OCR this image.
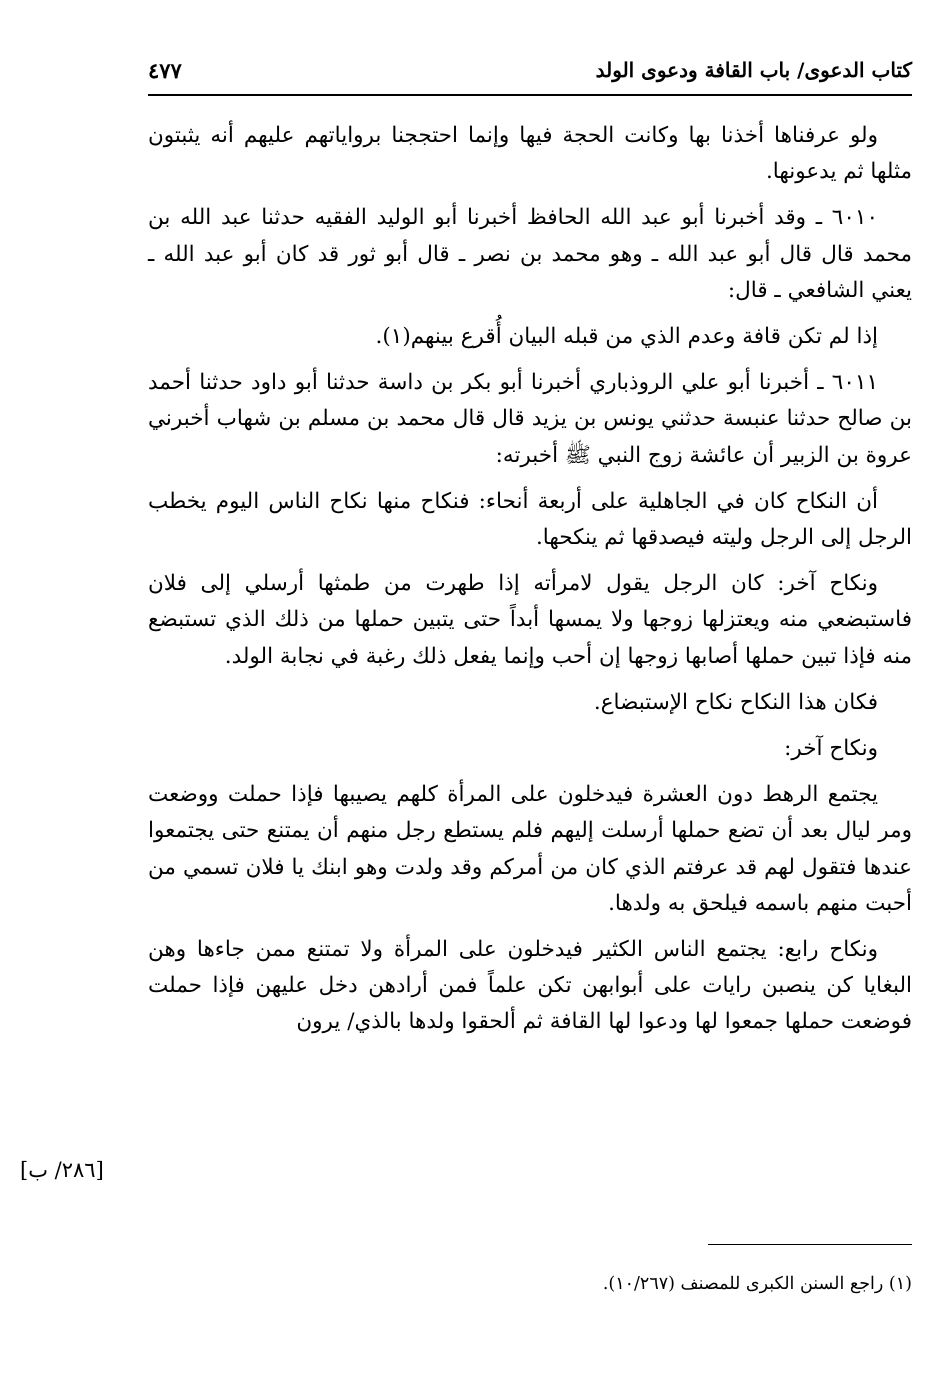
كتاب الدعوى/ باب القافة ودعوى الولد
٤٧٧

ولو عرفناها أخذنا بها وكانت الحجة فيها وإنما احتججنا برواياتهم عليهم أنه يثبتون مثلها ثم يدعونها.

٦٠١٠ ـ وقد أخبرنا أبو عبد الله الحافظ أخبرنا أبو الوليد الفقيه حدثنا عبد الله بن محمد قال قال أبو عبد الله ـ وهو محمد بن نصر ـ قال أبو ثور قد كان أبو عبد الله ـ يعني الشافعي ـ قال:

إذا لم تكن قافة وعدم الذي من قبله البيان أُقرع بينهم(١).

٦٠١١ ـ أخبرنا أبو علي الروذباري أخبرنا أبو بكر بن داسة حدثنا أبو داود حدثنا أحمد بن صالح حدثنا عنبسة حدثني يونس بن يزيد قال قال محمد بن مسلم بن شهاب أخبرني عروة بن الزبير أن عائشة زوج النبي ﷺ أخبرته:

أن النكاح كان في الجاهلية على أربعة أنحاء: فنكاح منها نكاح الناس اليوم يخطب الرجل إلى الرجل وليته فيصدقها ثم ينكحها.

ونكاح آخر: كان الرجل يقول لامرأته إذا طهرت من طمثها أرسلي إلى فلان فاستبضعي منه ويعتزلها زوجها ولا يمسها أبداً حتى يتبين حملها من ذلك الذي تستبضع منه فإذا تبين حملها أصابها زوجها إن أحب وإنما يفعل ذلك رغبة في نجابة الولد.

فكان هذا النكاح نكاح الإستبضاع.

ونكاح آخر:

يجتمع الرهط دون العشرة فيدخلون على المرأة كلهم يصيبها فإذا حملت ووضعت ومر ليال بعد أن تضع حملها أرسلت إليهم فلم يستطع رجل منهم أن يمتنع حتى يجتمعوا عندها فتقول لهم قد عرفتم الذي كان من أمركم وقد ولدت وهو ابنك يا فلان تسمي من أحبت منهم باسمه فيلحق به ولدها.

ونكاح رابع: يجتمع الناس الكثير فيدخلون على المرأة ولا تمتنع ممن جاءها وهن البغايا كن ينصبن رايات على أبوابهن تكن علماً فمن أرادهن دخل عليهن فإذا حملت فوضعت حملها جمعوا لها ودعوا لها القافة ثم ألحقوا ولدها بالذي/ يرون

[٢٨٦/ ب]
(١) راجع السنن الكبرى للمصنف (١٠/٢٦٧).
